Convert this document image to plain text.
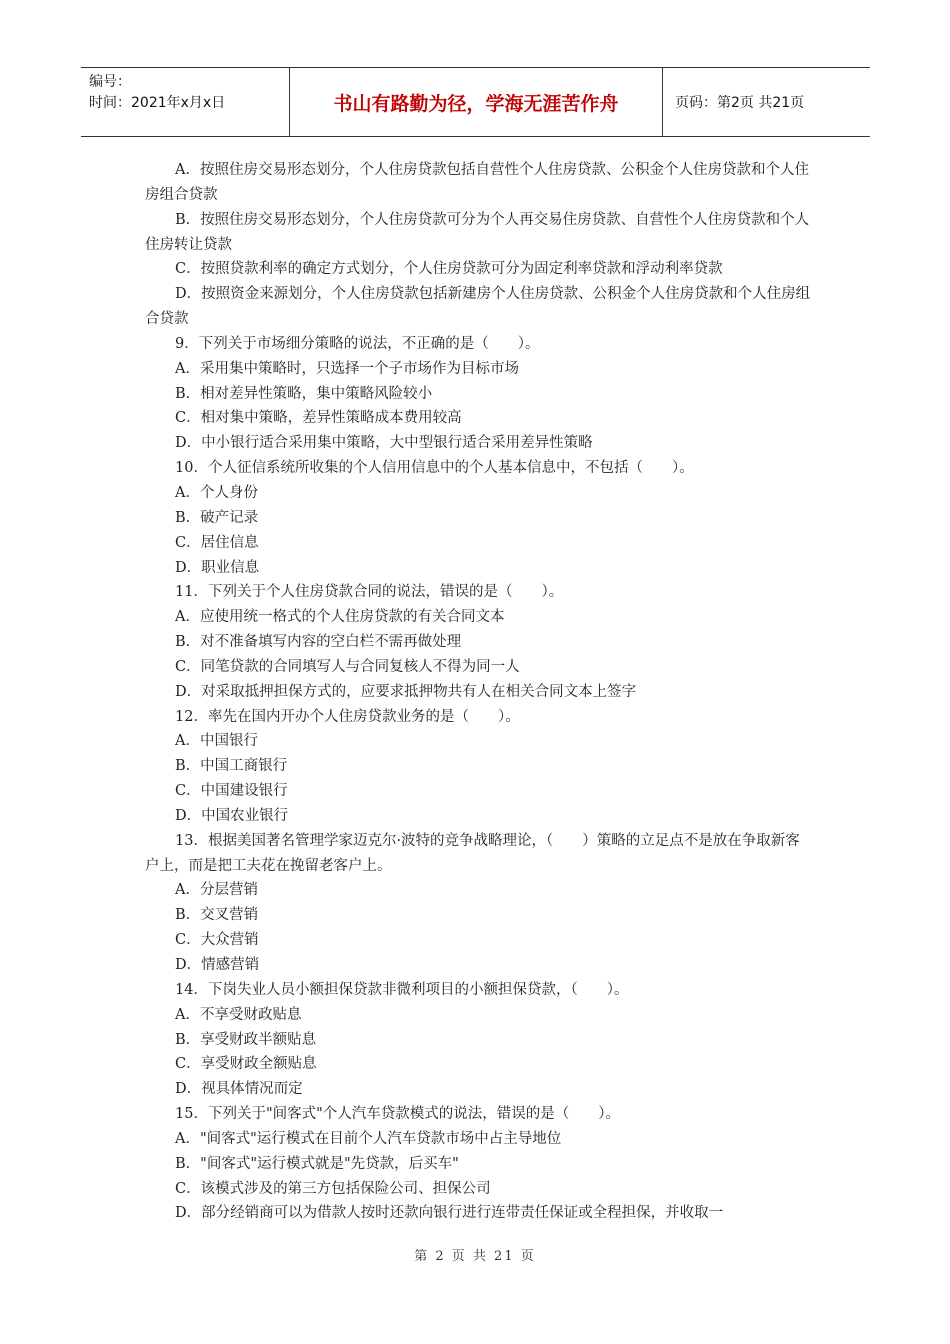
编号：
时间：2021年x月x日	书山有路勤为径，学海无涯苦作舟	页码：第2页 共21页

A．按照住房交易形态划分，个人住房贷款包括自营性个人住房贷款、公积金个人住房贷款和个人住房组合贷款

B．按照住房交易形态划分，个人住房贷款可分为个人再交易住房贷款、自营性个人住房贷款和个人住房转让贷款

C．按照贷款利率的确定方式划分，个人住房贷款可分为固定利率贷款和浮动利率贷款

D．按照资金来源划分，个人住房贷款包括新建房个人住房贷款、公积金个人住房贷款和个人住房组合贷款

9．下列关于市场细分策略的说法，不正确的是（　　）。

A．采用集中策略时，只选择一个子市场作为目标市场

B．相对差异性策略，集中策略风险较小

C．相对集中策略，差异性策略成本费用较高

D．中小银行适合采用集中策略，大中型银行适合采用差异性策略

10．个人征信系统所收集的个人信用信息中的个人基本信息中，不包括（　　）。

A．个人身份

B．破产记录

C．居住信息

D．职业信息

11．下列关于个人住房贷款合同的说法，错误的是（　　）。

A．应使用统一格式的个人住房贷款的有关合同文本

B．对不准备填写内容的空白栏不需再做处理

C．同笔贷款的合同填写人与合同复核人不得为同一人

D．对采取抵押担保方式的，应要求抵押物共有人在相关合同文本上签字

12．率先在国内开办个人住房贷款业务的是（　　）。

A．中国银行

B．中国工商银行

C．中国建设银行

D．中国农业银行

13．根据美国著名管理学家迈克尔·波特的竞争战略理论，（　　）策略的立足点不是放在争取新客户上，而是把工夫花在挽留老客户上。

A．分层营销

B．交叉营销

C．大众营销

D．情感营销

14．下岗失业人员小额担保贷款非微利项目的小额担保贷款，（　　）。

A．不享受财政贴息

B．享受财政半额贴息

C．享受财政全额贴息

D．视具体情况而定

15．下列关于"间客式"个人汽车贷款模式的说法，错误的是（　　）。

A．"间客式"运行模式在目前个人汽车贷款市场中占主导地位

B．"间客式"运行模式就是"先贷款，后买车"

C．该模式涉及的第三方包括保险公司、担保公司

D．部分经销商可以为借款人按时还款向银行进行连带责任保证或全程担保，并收取一

第 2 页 共 21 页
